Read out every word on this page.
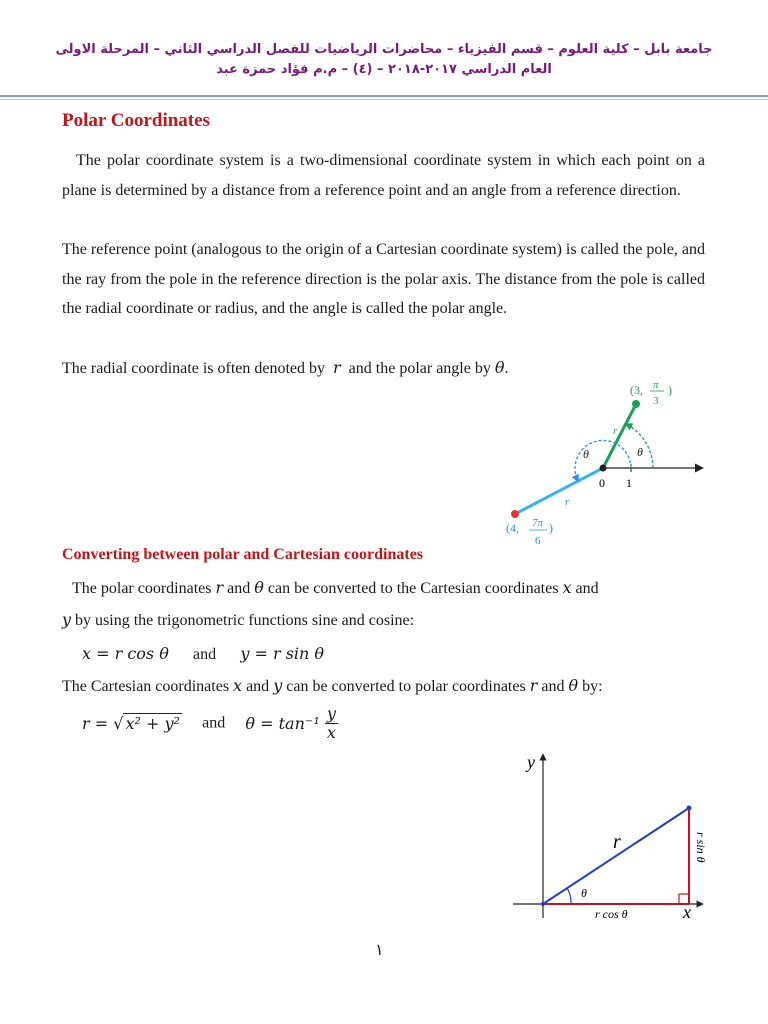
جامعة بابل – كلية العلوم – قسم الفيزياء – محاضرات الرياضيات للفصل الدراسي الثاني – المرحلة الاولى
العام الدراسي ٢٠١٧-٢٠١٨ – (٤) – م.م فؤاد حمزة عبد
Polar Coordinates
The polar coordinate system is a two-dimensional coordinate system in which each point on a plane is determined by a distance from a reference point and an angle from a reference direction.
The reference point (analogous to the origin of a Cartesian coordinate system) is called the pole, and the ray from the pole in the reference direction is the polar axis. The distance from the pole is called the radial coordinate or radius, and the angle is called the polar angle.
The radial coordinate is often denoted by r and the polar angle by θ.
0 1
r
r
θ
θ
(3, π
3
)
(4, 7π
6
)
Converting between polar and Cartesian coordinates
The polar coordinates r and θ can be converted to the Cartesian coordinates x and
y by using the trigonometric functions sine and cosine:
x = r cos θ and y = r sin θ
The Cartesian coordinates x and y can be converted to polar coordinates r and θ by:
r = √ x² + y² and $\theta = \tan^{-1} \frac{y}{x}$
y
x
r
θ
r cos θ
r sin θ
١
